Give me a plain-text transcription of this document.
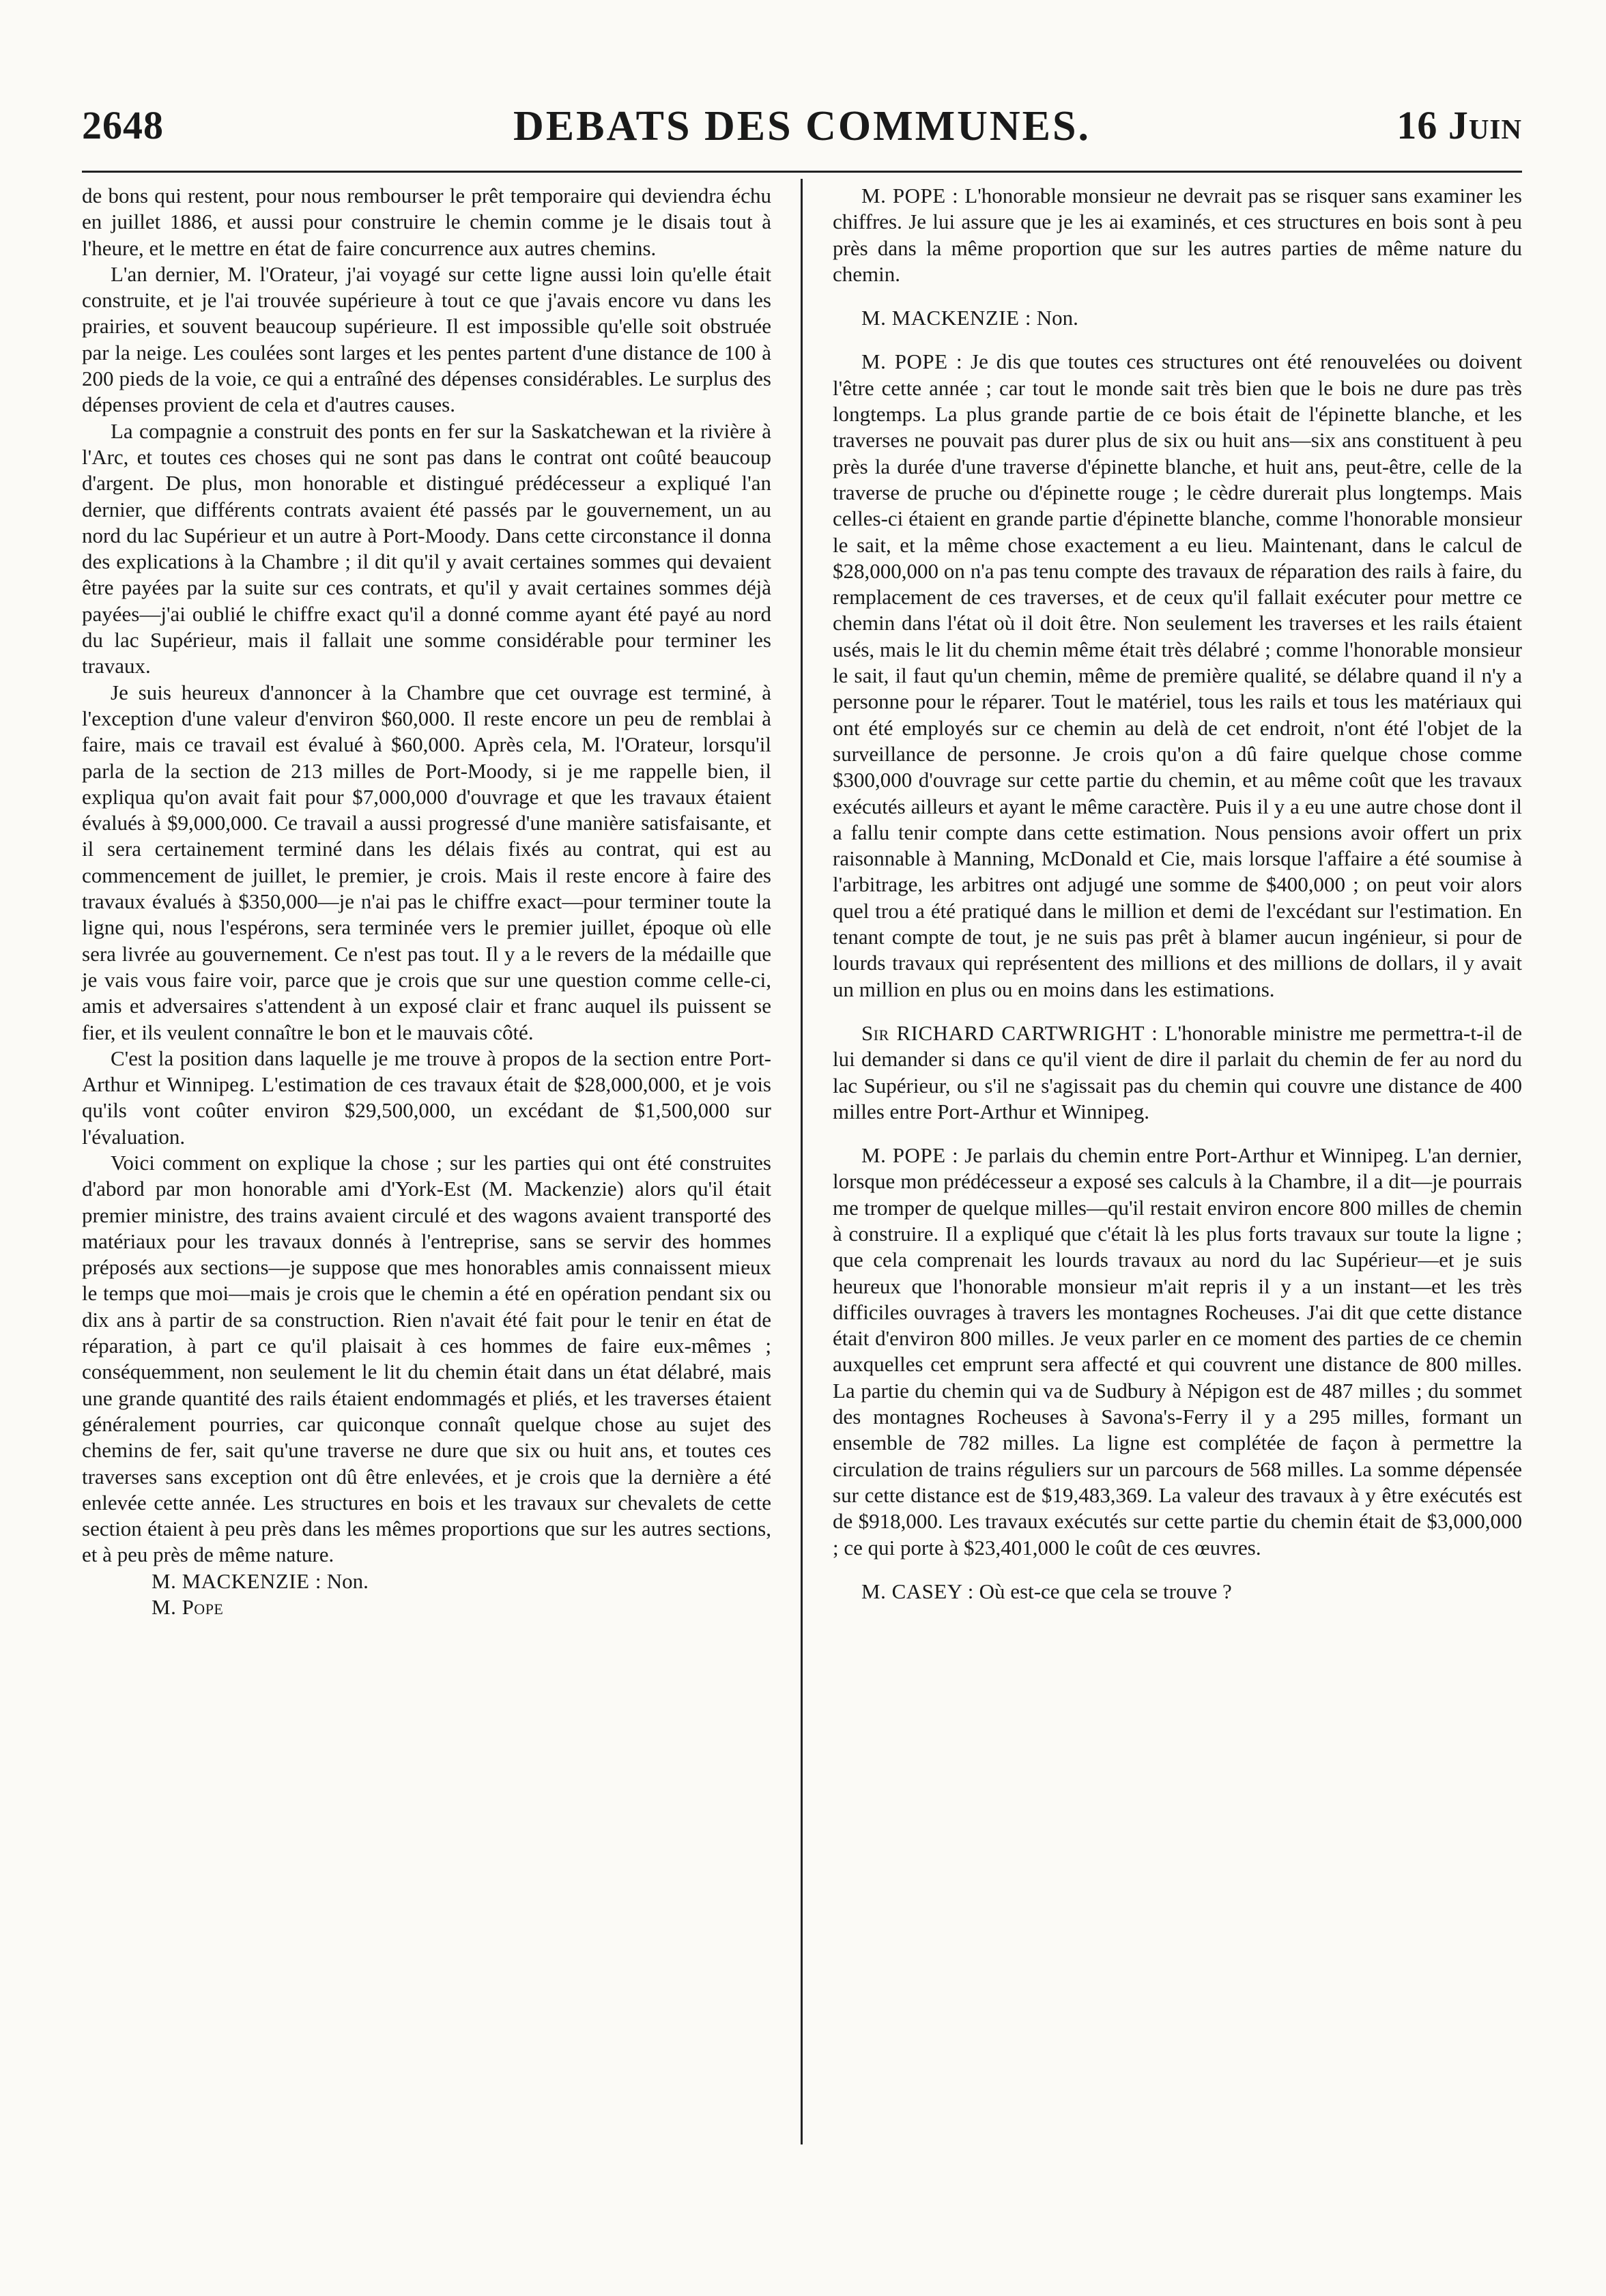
2648	DEBATS DES COMMUNES.	16 Juin

de bons qui restent, pour nous rembourser le prêt temporaire qui deviendra échu en juillet 1886, et aussi pour construire le chemin comme je le disais tout à l'heure, et le mettre en état de faire concurrence aux autres chemins.

L'an dernier, M. l'Orateur, j'ai voyagé sur cette ligne aussi loin qu'elle était construite, et je l'ai trouvée supérieure à tout ce que j'avais encore vu dans les prairies, et souvent beaucoup supérieure. Il est impossible qu'elle soit obstruée par la neige. Les coulées sont larges et les pentes partent d'une distance de 100 à 200 pieds de la voie, ce qui a entraîné des dépenses considérables. Le surplus des dépenses provient de cela et d'autres causes.

La compagnie a construit des ponts en fer sur la Saskatchewan et la rivière à l'Arc, et toutes ces choses qui ne sont pas dans le contrat ont coûté beaucoup d'argent. De plus, mon honorable et distingué prédécesseur a expliqué l'an dernier, que différents contrats avaient été passés par le gouvernement, un au nord du lac Supérieur et un autre à Port-Moody. Dans cette circonstance il donna des explications à la Chambre ; il dit qu'il y avait certaines sommes qui devaient être payées par la suite sur ces contrats, et qu'il y avait certaines sommes déjà payées—j'ai oublié le chiffre exact qu'il a donné comme ayant été payé au nord du lac Supérieur, mais il fallait une somme considérable pour terminer les travaux.

Je suis heureux d'annoncer à la Chambre que cet ouvrage est terminé, à l'exception d'une valeur d'environ $60,000. Il reste encore un peu de remblai à faire, mais ce travail est évalué à $60,000. Après cela, M. l'Orateur, lorsqu'il parla de la section de 213 milles de Port-Moody, si je me rappelle bien, il expliqua qu'on avait fait pour $7,000,000 d'ouvrage et que les travaux étaient évalués à $9,000,000. Ce travail a aussi progressé d'une manière satisfaisante, et il sera certainement terminé dans les délais fixés au contrat, qui est au commencement de juillet, le premier, je crois. Mais il reste encore à faire des travaux évalués à $350,000—je n'ai pas le chiffre exact—pour terminer toute la ligne qui, nous l'espérons, sera terminée vers le premier juillet, époque où elle sera livrée au gouvernement. Ce n'est pas tout. Il y a le revers de la médaille que je vais vous faire voir, parce que je crois que sur une question comme celle-ci, amis et adversaires s'attendent à un exposé clair et franc auquel ils puissent se fier, et ils veulent connaître le bon et le mauvais côté.

C'est la position dans laquelle je me trouve à propos de la section entre Port-Arthur et Winnipeg. L'estimation de ces travaux était de $28,000,000, et je vois qu'ils vont coûter environ $29,500,000, un excédant de $1,500,000 sur l'évaluation.

Voici comment on explique la chose ; sur les parties qui ont été construites d'abord par mon honorable ami d'York-Est (M. Mackenzie) alors qu'il était premier ministre, des trains avaient circulé et des wagons avaient transporté des matériaux pour les travaux donnés à l'entreprise, sans se servir des hommes préposés aux sections—je suppose que mes honorables amis connaissent mieux le temps que moi—mais je crois que le chemin a été en opération pendant six ou dix ans à partir de sa construction. Rien n'avait été fait pour le tenir en état de réparation, à part ce qu'il plaisait à ces hommes de faire eux-mêmes ; conséquemment, non seulement le lit du chemin était dans un état délabré, mais une grande quantité des rails étaient endommagés et pliés, et les traverses étaient généralement pourries, car quiconque connaît quelque chose au sujet des chemins de fer, sait qu'une traverse ne dure que six ou huit ans, et toutes ces traverses sans exception ont dû être enlevées, et je crois que la dernière a été enlevée cette année. Les structures en bois et les travaux sur chevalets de cette section étaient à peu près dans les mêmes proportions que sur les autres sections, et à peu près de même nature.

M. MACKENZIE : Non.

M. Pope

M. POPE : L'honorable monsieur ne devrait pas se risquer sans examiner les chiffres. Je lui assure que je les ai examinés, et ces structures en bois sont à peu près dans la même proportion que sur les autres parties de même nature du chemin.

M. MACKENZIE : Non.

M. POPE : Je dis que toutes ces structures ont été renouvelées ou doivent l'être cette année ; car tout le monde sait très bien que le bois ne dure pas très longtemps. La plus grande partie de ce bois était de l'épinette blanche, et les traverses ne pouvait pas durer plus de six ou huit ans—six ans constituent à peu près la durée d'une traverse d'épinette blanche, et huit ans, peut-être, celle de la traverse de pruche ou d'épinette rouge ; le cèdre durerait plus longtemps. Mais celles-ci étaient en grande partie d'épinette blanche, comme l'honorable monsieur le sait, et la même chose exactement a eu lieu. Maintenant, dans le calcul de $28,000,000 on n'a pas tenu compte des travaux de réparation des rails à faire, du remplacement de ces traverses, et de ceux qu'il fallait exécuter pour mettre ce chemin dans l'état où il doit être. Non seulement les traverses et les rails étaient usés, mais le lit du chemin même était très délabré ; comme l'honorable monsieur le sait, il faut qu'un chemin, même de première qualité, se délabre quand il n'y a personne pour le réparer. Tout le matériel, tous les rails et tous les matériaux qui ont été employés sur ce chemin au delà de cet endroit, n'ont été l'objet de la surveillance de personne. Je crois qu'on a dû faire quelque chose comme $300,000 d'ouvrage sur cette partie du chemin, et au même coût que les travaux exécutés ailleurs et ayant le même caractère. Puis il y a eu une autre chose dont il a fallu tenir compte dans cette estimation. Nous pensions avoir offert un prix raisonnable à Manning, McDonald et Cie, mais lorsque l'affaire a été soumise à l'arbitrage, les arbitres ont adjugé une somme de $400,000 ; on peut voir alors quel trou a été pratiqué dans le million et demi de l'excédant sur l'estimation. En tenant compte de tout, je ne suis pas prêt à blamer aucun ingénieur, si pour de lourds travaux qui représentent des millions et des millions de dollars, il y avait un million en plus ou en moins dans les estimations.

Sir RICHARD CARTWRIGHT : L'honorable ministre me permettra-t-il de lui demander si dans ce qu'il vient de dire il parlait du chemin de fer au nord du lac Supérieur, ou s'il ne s'agissait pas du chemin qui couvre une distance de 400 milles entre Port-Arthur et Winnipeg.

M. POPE : Je parlais du chemin entre Port-Arthur et Winnipeg. L'an dernier, lorsque mon prédécesseur a exposé ses calculs à la Chambre, il a dit—je pourrais me tromper de quelque milles—qu'il restait environ encore 800 milles de chemin à construire. Il a expliqué que c'était là les plus forts travaux sur toute la ligne ; que cela comprenait les lourds travaux au nord du lac Supérieur—et je suis heureux que l'honorable monsieur m'ait repris il y a un instant—et les très difficiles ouvrages à travers les montagnes Rocheuses. J'ai dit que cette distance était d'environ 800 milles. Je veux parler en ce moment des parties de ce chemin auxquelles cet emprunt sera affecté et qui couvrent une distance de 800 milles. La partie du chemin qui va de Sudbury à Népigon est de 487 milles ; du sommet des montagnes Rocheuses à Savona's-Ferry il y a 295 milles, formant un ensemble de 782 milles. La ligne est complétée de façon à permettre la circulation de trains réguliers sur un parcours de 568 milles. La somme dépensée sur cette distance est de $19,483,369. La valeur des travaux à y être exécutés est de $918,000. Les travaux exécutés sur cette partie du chemin était de $3,000,000 ; ce qui porte à $23,401,000 le coût de ces œuvres.

M. CASEY : Où est-ce que cela se trouve ?
